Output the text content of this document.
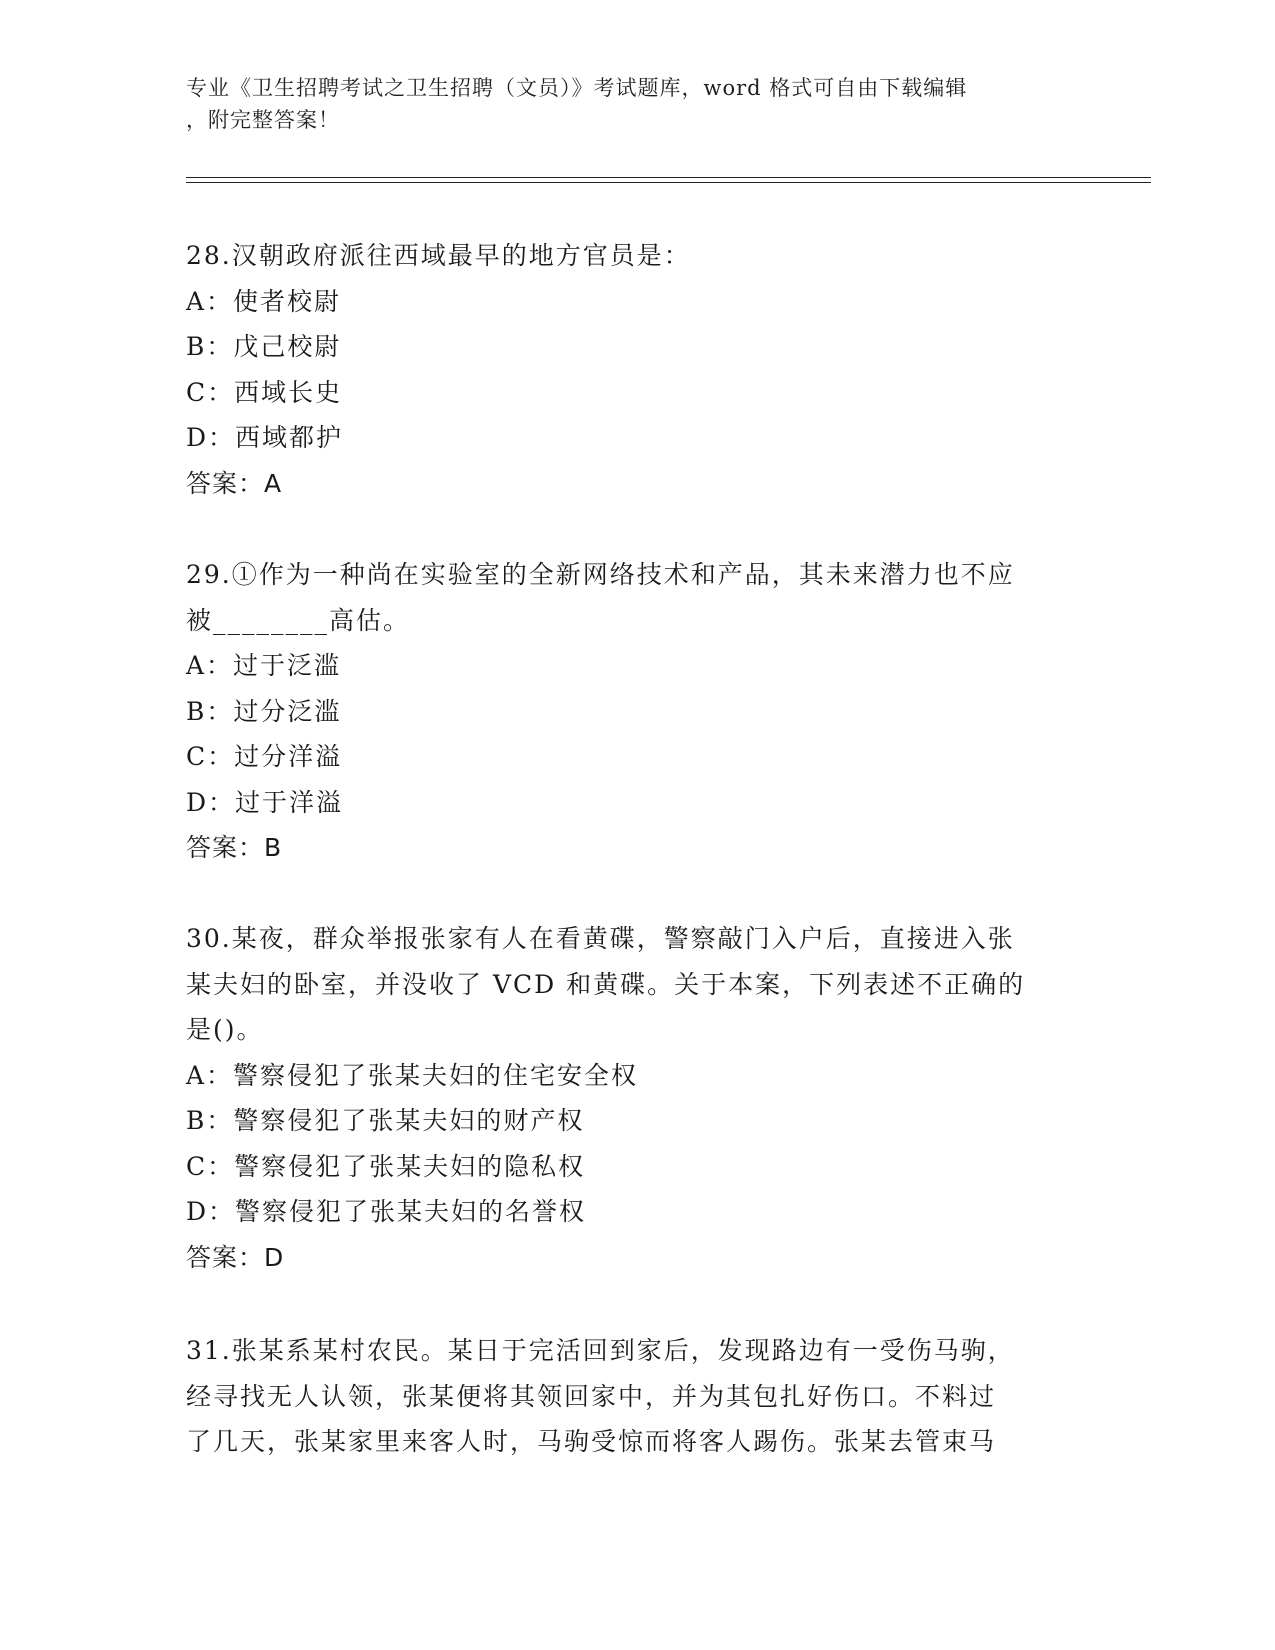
专业《卫生招聘考试之卫生招聘（文员）》考试题库，word 格式可自由下载编辑
，附完整答案！
28.汉朝政府派往西域最早的地方官员是：
A：使者校尉
B：戊己校尉
C：西域长史
D：西域都护
答案：A
29.①作为一种尚在实验室的全新网络技术和产品，其未来潜力也不应
被________高估。
A：过于泛滥
B：过分泛滥
C：过分洋溢
D：过于洋溢
答案：B
30.某夜，群众举报张家有人在看黄碟，警察敲门入户后，直接进入张
某夫妇的卧室，并没收了 VCD 和黄碟。关于本案，下列表述不正确的
是()。
A：警察侵犯了张某夫妇的住宅安全权
B：警察侵犯了张某夫妇的财产权
C：警察侵犯了张某夫妇的隐私权
D：警察侵犯了张某夫妇的名誉权
答案：D
31.张某系某村农民。某日于完活回到家后，发现路边有一受伤马驹，
经寻找无人认领，张某便将其领回家中，并为其包扎好伤口。不料过
了几天，张某家里来客人时，马驹受惊而将客人踢伤。张某去管束马
